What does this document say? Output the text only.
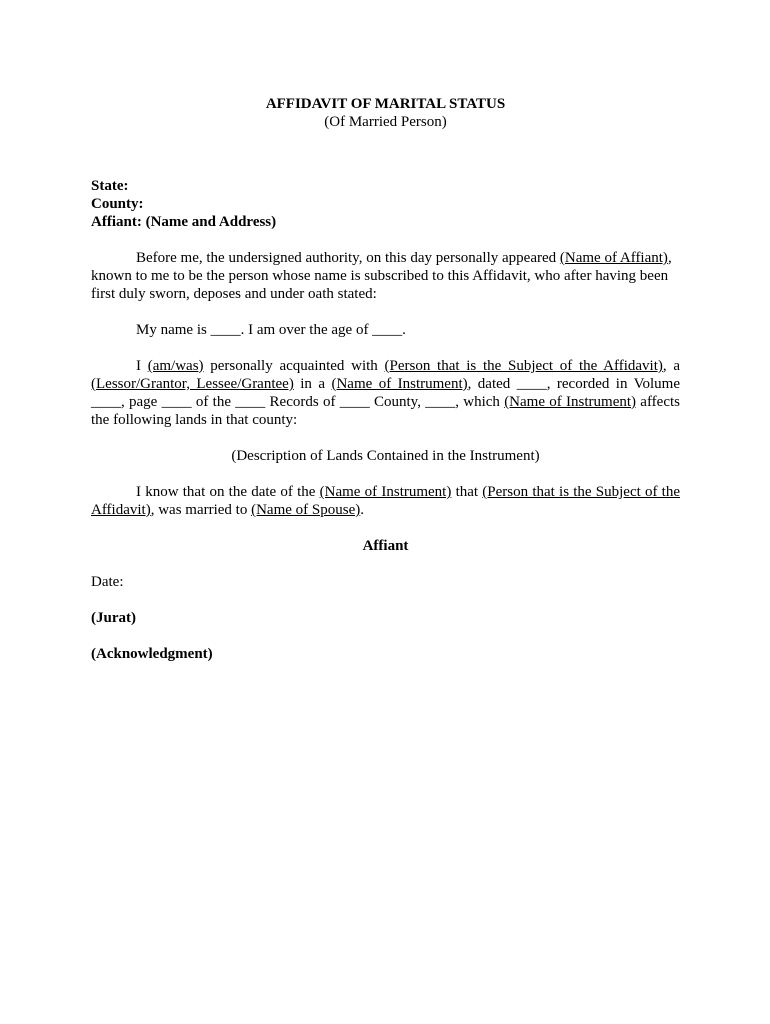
AFFIDAVIT OF MARITAL STATUS

(Of Married Person)

State:
County:
Affiant: (Name and Address)

Before me, the undersigned authority, on this day personally appeared (Name of Affiant), known to me to be the person whose name is subscribed to this Affidavit, who after having been first duly sworn, deposes and under oath stated:

My name is ____. I am over the age of ____.

I (am/was) personally acquainted with (Person that is the Subject of the Affidavit), a (Lessor/Grantor, Lessee/Grantee) in a (Name of Instrument), dated ____, recorded in Volume ____, page ____ of the ____ Records of ____ County, ____, which (Name of Instrument) affects the following lands in that county:

(Description of Lands Contained in the Instrument)

I know that on the date of the (Name of Instrument) that (Person that is the Subject of the Affidavit), was married to (Name of Spouse).

Affiant

Date:

(Jurat)

(Acknowledgment)
